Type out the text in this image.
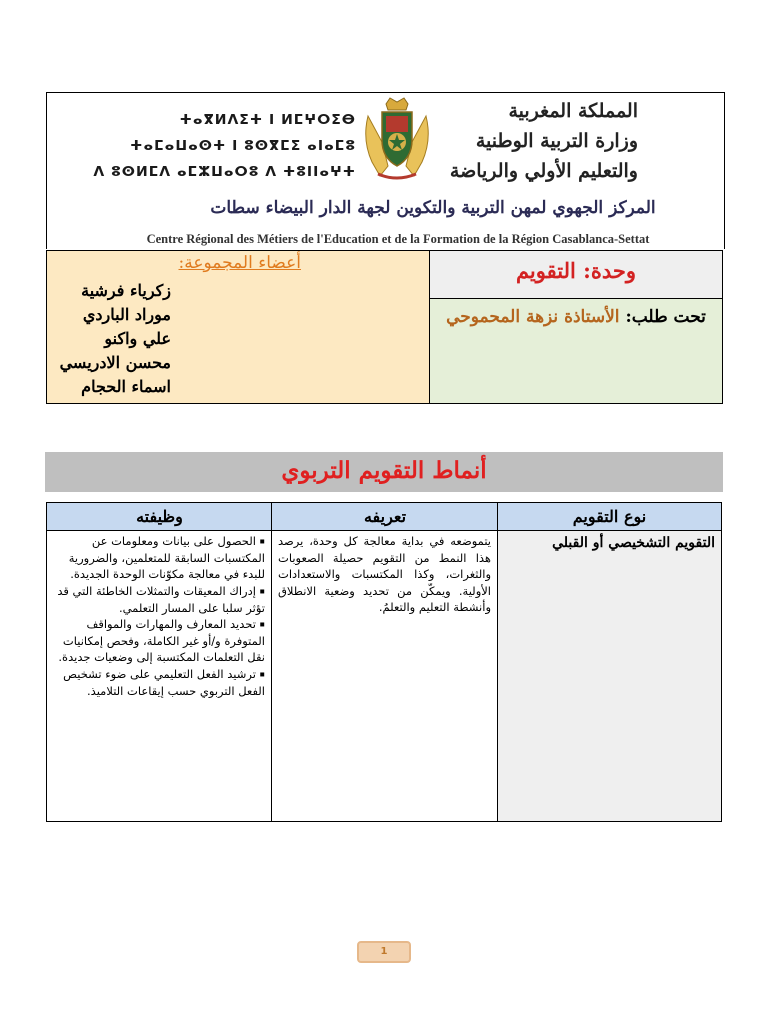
ⵜⴰⴳⵍⴷⵉⵜ ⵏ ⵍⵎⵖⵔⵉⴱ
ⵜⴰⵎⴰⵡⴰⵙⵜ ⵏ ⵓⵙⴳⵎⵉ ⴰⵏⴰⵎⵓ
ⴷ ⵓⵙⵍⵎⴷ ⴰⵎⵣⵡⴰⵔⵓ ⴷ ⵜⵓⵏⵏⴰⵖⵜ
المملكة المغربية
وزارة التربية الوطنية
والتعليم الأولي والرياضة
المركز الجهوي لمهن التربية والتكوين لجهة الدار البيضاء سطات
Centre Régional des Métiers de l'Education et de la Formation de la Région Casablanca-Settat
أعضاء المجموعة:
زكرياء فرشية
موراد الباردي
علي واكنو
محسن الادريسي
اسماء الحجام
وحدة: التقويم
تحت طلب: الأستاذة نزهة المحموحي
أنماط التقويم التربوي
نوع التقويم
تعريفه
وظيفته
التقويم التشخيصي أو القبلي
يتموضعه في بداية معالجة كل وحدة، يرصد هذا النمط من التقويم حصيلة الصعوبات والثغرات، وكذا المكتسبات والاستعدادات الأولية. ويمكّن من تحديد وضعية الانطلاق وأنشطة التعليم والتعلمُ.

▪ الحصول على بيانات ومعلومات عن المكتسبات السابقة للمتعلمين، والضرورية للبدء في معالجة مكوّنات الوحدة الجديدة.

▪ إدراك المعيقات والتمثلات الخاطئة التي قد تؤثر سلبا على المسار التعلمي.

▪ تحديد المعارف والمهارات والمواقف المتوفرة و/أو غير الكاملة، وفحص إمكانيات نقل التعلمات المكتسبة إلى وضعيات جديدة.

▪ ترشيد الفعل التعليمي على ضوء تشخيص الفعل التربوي حسب إيقاعات التلاميذ.

1
